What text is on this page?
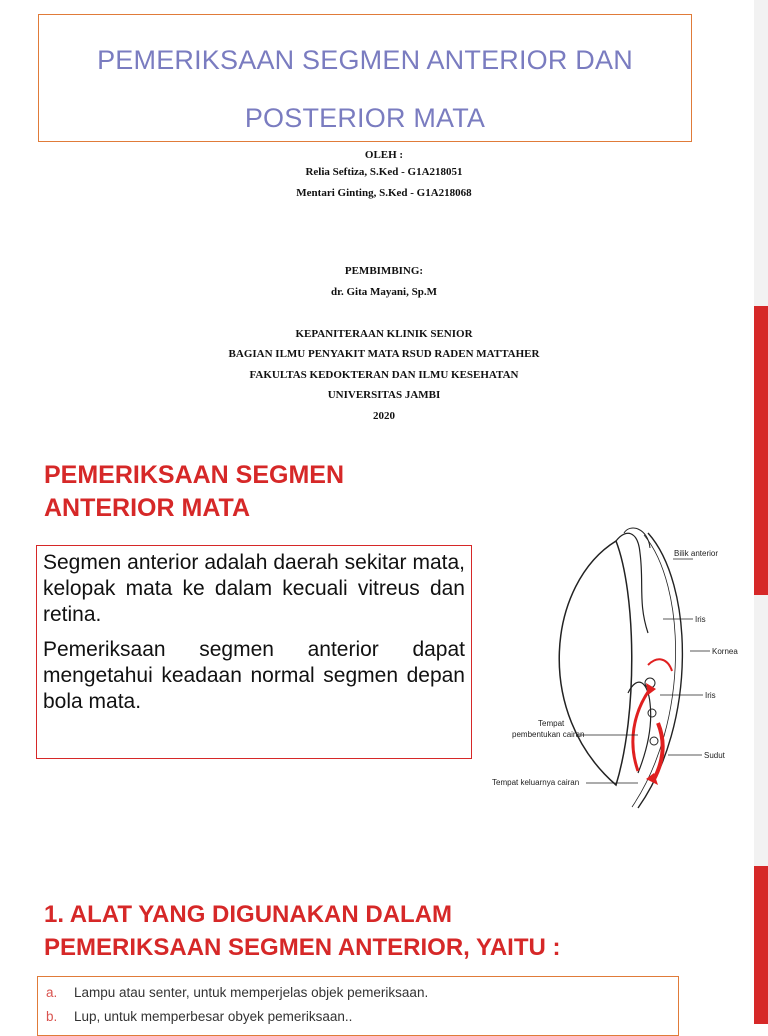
PEMERIKSAAN SEGMEN ANTERIOR DAN
POSTERIOR MATA
OLEH :
Relia Seftiza, S.Ked - G1A218051
Mentari Ginting, S.Ked - G1A218068
PEMBIMBING:
dr. Gita Mayani, Sp.M
KEPANITERAAN KLINIK SENIOR
BAGIAN ILMU PENYAKIT MATA RSUD RADEN MATTAHER
FAKULTAS KEDOKTERAN DAN ILMU KESEHATAN
UNIVERSITAS JAMBI
2020
PEMERIKSAAN SEGMEN
ANTERIOR MATA

Segmen anterior adalah daerah sekitar mata, kelopak mata ke dalam kecuali vitreus dan retina.

Pemeriksaan segmen anterior dapat mengetahui keadaan normal segmen depan bola mata.

Bilik anterior
Iris
Kornea
Iris
Sudut
Tempat
pembentukan cairan
Tempat keluarnya cairan
1. ALAT YANG DIGUNAKAN DALAM
PEMERIKSAAN SEGMEN ANTERIOR, YAITU :
a. Lampu atau senter, untuk memperjelas objek pemeriksaan.
b. Lup, untuk memperbesar obyek pemeriksaan..
